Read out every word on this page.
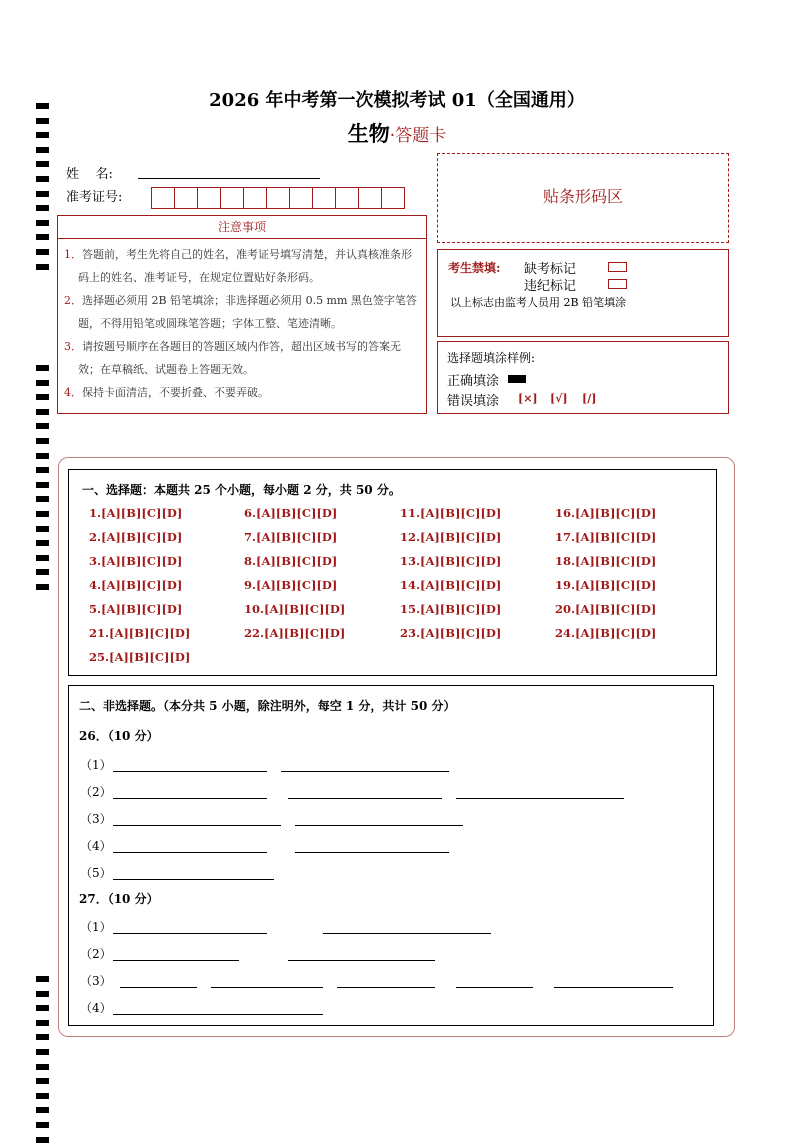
2026 年中考第一次模拟考试 01（全国通用）
生物·答题卡
姓    名:
准考证号:	贴条形码区
注意事项
1．答题前，考生先将自己的姓名，准考证号填写清楚，并认真核准条形码上的姓名、准考证号，在规定位置贴好条形码。
2．选择题必须用 2B 铅笔填涂；非选择题必须用 0.5 mm 黑色签字笔答题，不得用铅笔或圆珠笔答题；字体工整、笔迹清晰。
3．请按题号顺序在各题目的答题区域内作答，超出区域书写的答案无效；在草稿纸、试题卷上答题无效。
4．保持卡面清洁，不要折叠、不要弄破。
考生禁填: 缺考标记
违纪标记
以上标志由监考人员用 2B 铅笔填涂
选择题填涂样例:
正确填涂
错误填涂 [×] [√] [/]
一、选择题：本题共 25 个小题，每小题 2 分，共 50 分。
1.[A][B][C][D]
2.[A][B][C][D]
3.[A][B][C][D]
4.[A][B][C][D]
5.[A][B][C][D]
6.[A][B][C][D]
7.[A][B][C][D]
8.[A][B][C][D]
9.[A][B][C][D]
10.[A][B][C][D]
11.[A][B][C][D]
12.[A][B][C][D]
13.[A][B][C][D]
14.[A][B][C][D]
15.[A][B][C][D]
16.[A][B][C][D]
17.[A][B][C][D]
18.[A][B][C][D]
19.[A][B][C][D]
20.[A][B][C][D]
21.[A][B][C][D]	22.[A][B][C][D]	23.[A][B][C][D]	24.[A][B][C][D]
25.[A][B][C][D]
二、非选择题。（本分共 5 小题，除注明外，每空 1 分，共计 50 分）
26．（10 分）
（1）
（2）
（3）
（4）
（5）
27．（10 分）
（1）
（2）
（3）
（4）
